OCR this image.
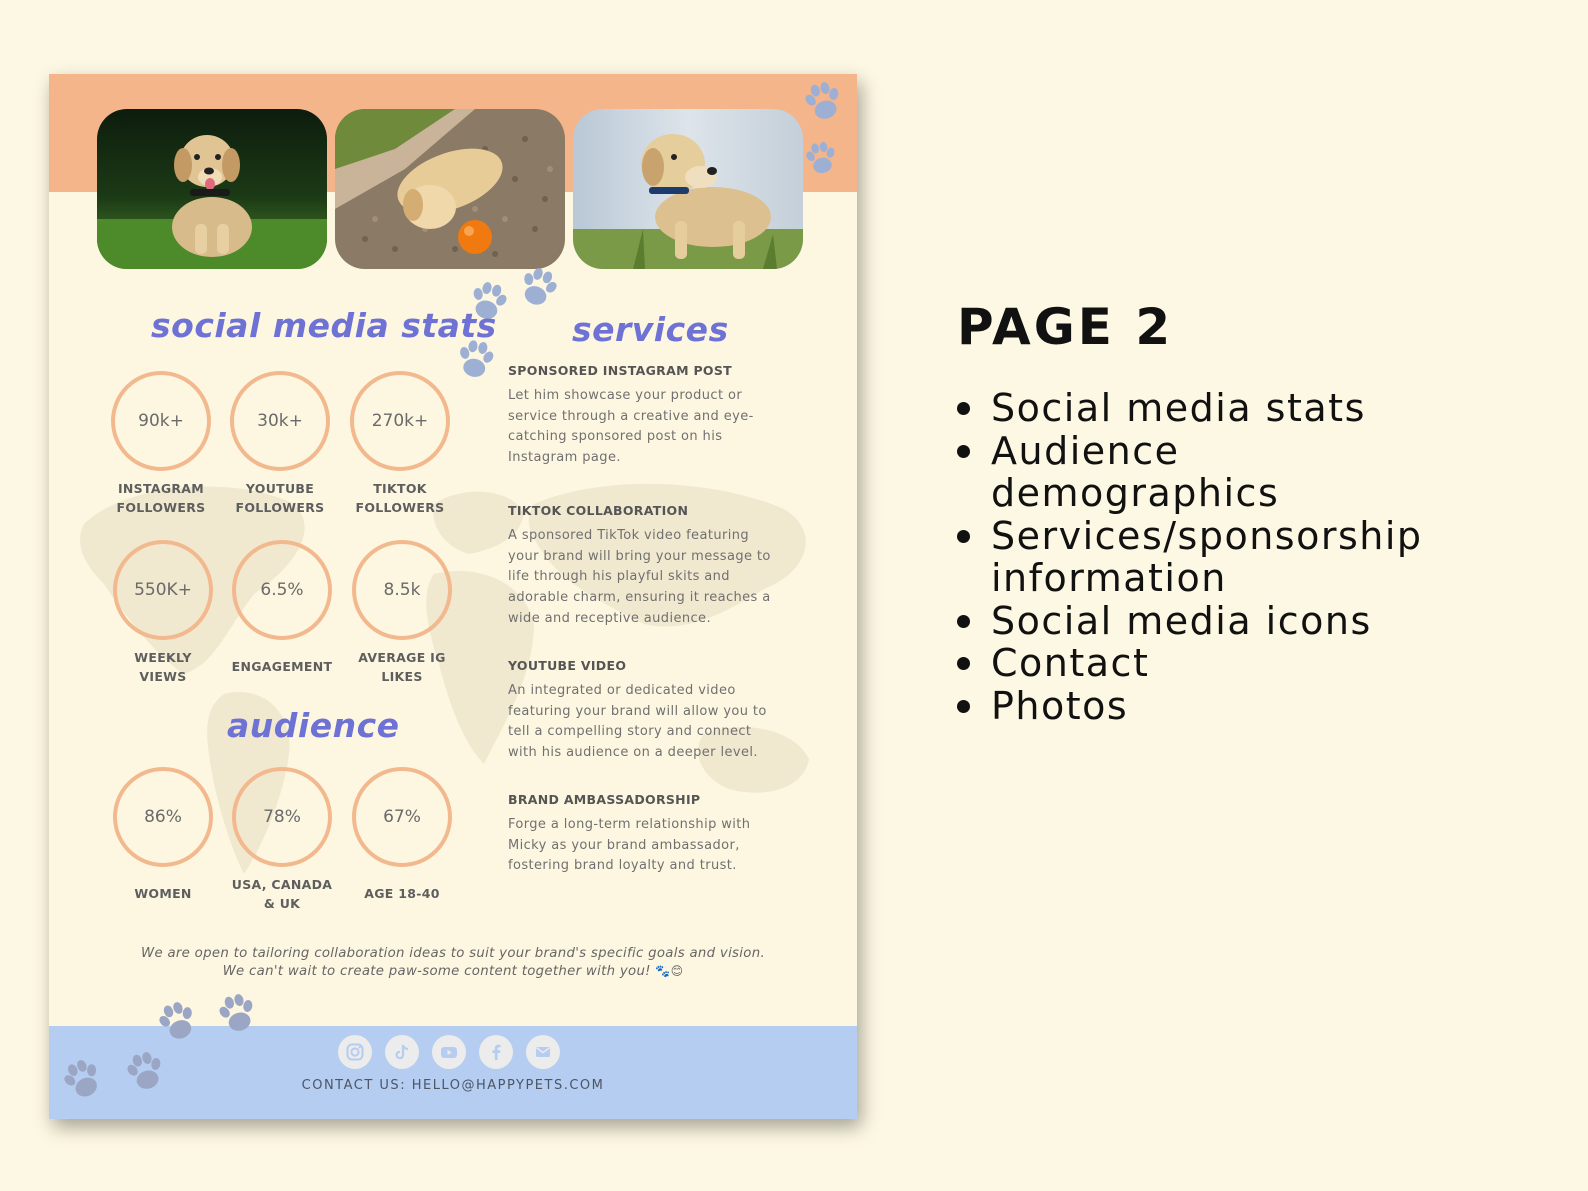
social media stats
90k+
INSTAGRAM
FOLLOWERS
30k+
YOUTUBE
FOLLOWERS
270k+
TIKTOK
FOLLOWERS
550K+
WEEKLY
VIEWS
6.5%
ENGAGEMENT
8.5k
AVERAGE IG
LIKES
audience
86%
WOMEN
78%
USA, CANADA
& UK
67%
AGE 18-40
services
SPONSORED INSTAGRAM POST
Let him showcase your product or
service through a creative and eye-
catching sponsored post on his
Instagram page.
TIKTOK COLLABORATION
A sponsored TikTok video featuring
your brand will bring your message to
life through his playful skits and
adorable charm, ensuring it reaches a
wide and receptive audience.
YOUTUBE VIDEO
An integrated or dedicated video
featuring your brand will allow you to
tell a compelling story and connect
with his audience on a deeper level.
BRAND AMBASSADORSHIP
Forge a long-term relationship with
Micky as your brand ambassador,
fostering brand loyalty and trust.
We are open to tailoring collaboration ideas to suit your brand's specific goals and vision.
We can't wait to create paw-some content together with you! 🐾😊
CONTACT US: HELLO@HAPPYPETS.COM
PAGE 2
Social media stats
Audience
demographics
Services/sponsorship
information
Social media icons
Contact
Photos
